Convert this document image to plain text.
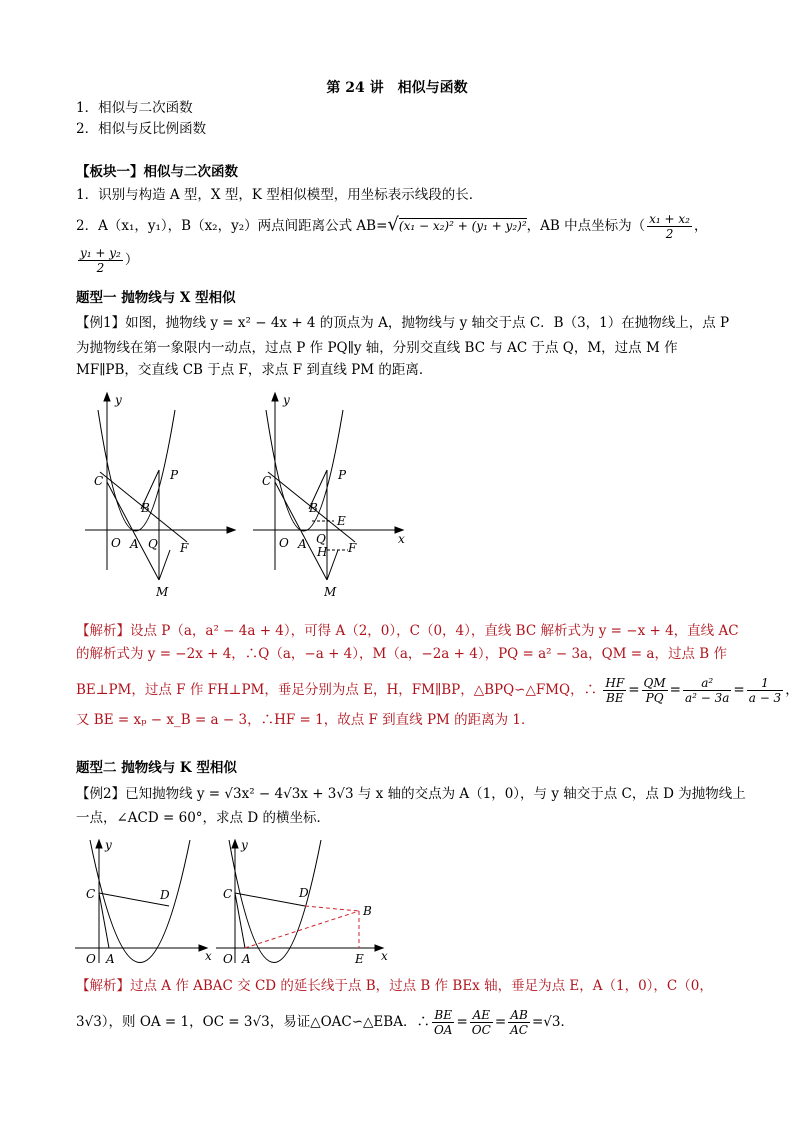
第 24 讲　相似与函数
1．相似与二次函数
2．相似与反比例函数
【板块一】相似与二次函数
1．识别与构造 A 型，X 型，K 型相似模型，用坐标表示线段的长．
2．A（x₁，y₁），B（x₂，y₂）两点间距离公式 AB=√(x₁ − x₂)² + (y₁ + y₂)²，AB 中点坐标为（ $\frac{\text{x₁ + x₂}}{2}$ ，
$\frac{\text{y₁ + y₂}}{2}$ ）
题型一 抛物线与 X 型相似
【例1】如图，抛物线 y = x² − 4x + 4 的顶点为 A，抛物线与 y 轴交于点 C．B（3，1）在抛物线上，点 P
为抛物线在第一象限内一动点，过点 P 作 PQ∥y 轴，分别交直线 BC 与 AC 于点 Q，M，过点 M 作
MF∥PB，交直线 CB 于点 F，求点 F 到直线 PM 的距离．
y
C
B
P
O A Q F
M
y
x
C
B
P
E
O A Q
H F
M
【解析】设点 P（a，a² − 4a + 4），可得 A（2，0），C（0，4），直线 BC 解析式为 y = −x + 4，直线 AC
的解析式为 y = −2x + 4，∴Q（a，−a + 4），M（a，−2a + 4），PQ = a² − 3a，QM = a，过点 B 作
BE⊥PM，过点 F 作 FH⊥PM，垂足分别为点 E，H，FM∥BP，△BPQ∽△FMQ，∴ $\frac{HF}{BE} = \frac{QM}{PQ} = \frac{\text{a²}}{\text{a² − 3a}} = \frac{1}{a - 3}$ ，
又 BE = xₚ − x_B = a − 3，∴HF = 1，故点 F 到直线 PM 的距离为 1．
题型二 抛物线与 K 型相似
【例2】已知抛物线 y = √3x² − 4√3x + 3√3 与 x 轴的交点为 A（1，0），与 y 轴交于点 C，点 D 为抛物线上
一点，∠ACD = 60°，求点 D 的横坐标．
y
x
C	D
O A
y
x
C	D
B
O A	E
【解析】过点 A 作 ABAC 交 CD 的延长线于点 B，过点 B 作 BEx 轴，垂足为点 E，A（1，0），C（0，
3√3），则 OA = 1，OC = 3√3，易证△OAC∽△EBA．∴ $\frac{BE}{OA} = \frac{AE}{OC} = \frac{AB}{AC} =√3$．
